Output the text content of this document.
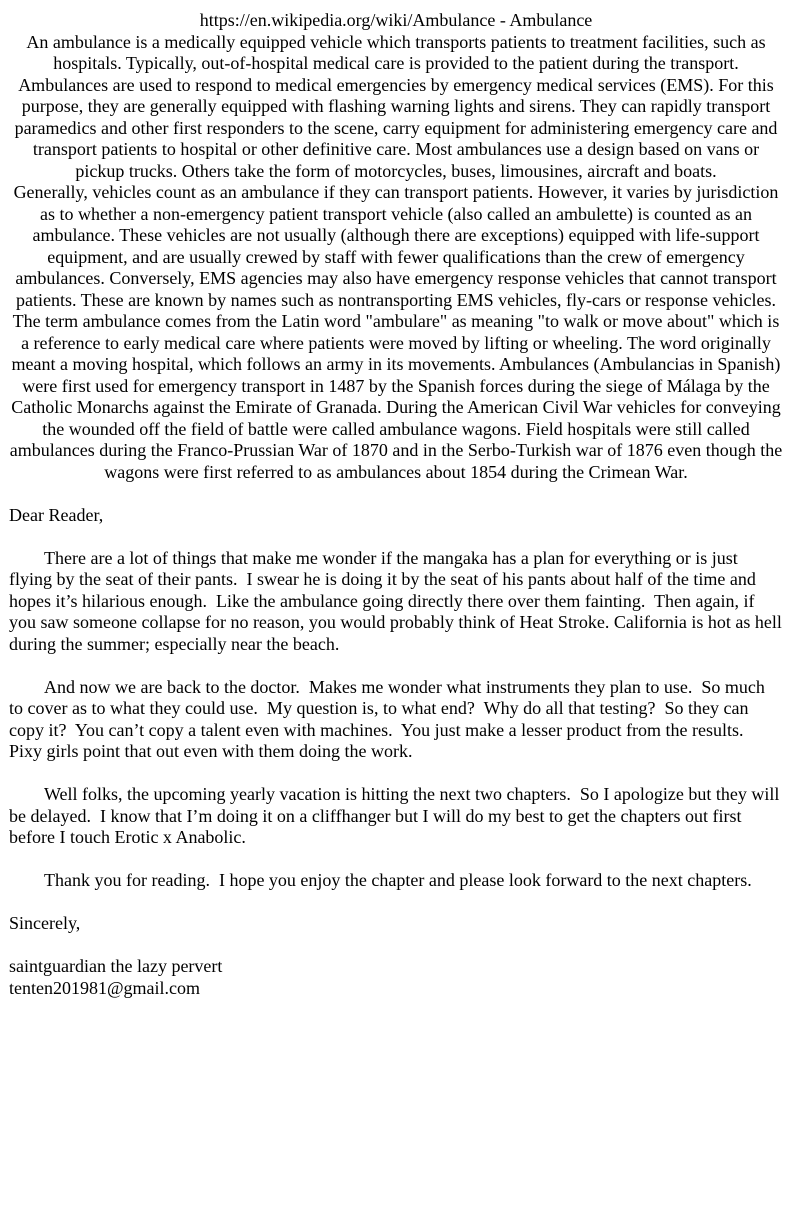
https://en.wikipedia.org/wiki/Ambulance - Ambulance

An ambulance is a medically equipped vehicle which transports patients to treatment facilities, such as hospitals. Typically, out-of-hospital medical care is provided to the patient during the transport. Ambulances are used to respond to medical emergencies by emergency medical services (EMS). For this purpose, they are generally equipped with flashing warning lights and sirens. They can rapidly transport paramedics and other first responders to the scene, carry equipment for administering emergency care and transport patients to hospital or other definitive care. Most ambulances use a design based on vans or pickup trucks. Others take the form of motorcycles, buses, limousines, aircraft and boats.

Generally, vehicles count as an ambulance if they can transport patients. However, it varies by jurisdiction as to whether a non-emergency patient transport vehicle (also called an ambulette) is counted as an ambulance. These vehicles are not usually (although there are exceptions) equipped with life-support equipment, and are usually crewed by staff with fewer qualifications than the crew of emergency ambulances. Conversely, EMS agencies may also have emergency response vehicles that cannot transport patients. These are known by names such as nontransporting EMS vehicles, fly-cars or response vehicles. The term ambulance comes from the Latin word "ambulare" as meaning "to walk or move about" which is a reference to early medical care where patients were moved by lifting or wheeling. The word originally meant a moving hospital, which follows an army in its movements. Ambulances (Ambulancias in Spanish) were first used for emergency transport in 1487 by the Spanish forces during the siege of Málaga by the Catholic Monarchs against the Emirate of Granada. During the American Civil War vehicles for conveying the wounded off the field of battle were called ambulance wagons. Field hospitals were still called ambulances during the Franco-Prussian War of 1870 and in the Serbo-Turkish war of 1876 even though the wagons were first referred to as ambulances about 1854 during the Crimean War.

Dear Reader,

There are a lot of things that make me wonder if the mangaka has a plan for everything or is just flying by the seat of their pants.  I swear he is doing it by the seat of his pants about half of the time and hopes it’s hilarious enough.  Like the ambulance going directly there over them fainting.  Then again, if you saw someone collapse for no reason, you would probably think of Heat Stroke. California is hot as hell during the summer; especially near the beach.

And now we are back to the doctor.  Makes me wonder what instruments they plan to use.  So much to cover as to what they could use.  My question is, to what end?  Why do all that testing?  So they can copy it?  You can’t copy a talent even with machines.  You just make a lesser product from the results.  Pixy girls point that out even with them doing the work.

Well folks, the upcoming yearly vacation is hitting the next two chapters.  So I apologize but they will be delayed.  I know that I’m doing it on a cliffhanger but I will do my best to get the chapters out first before I touch Erotic x Anabolic.

Thank you for reading.  I hope you enjoy the chapter and please look forward to the next chapters.

Sincerely,

saintguardian the lazy pervert
tenten201981@gmail.com
